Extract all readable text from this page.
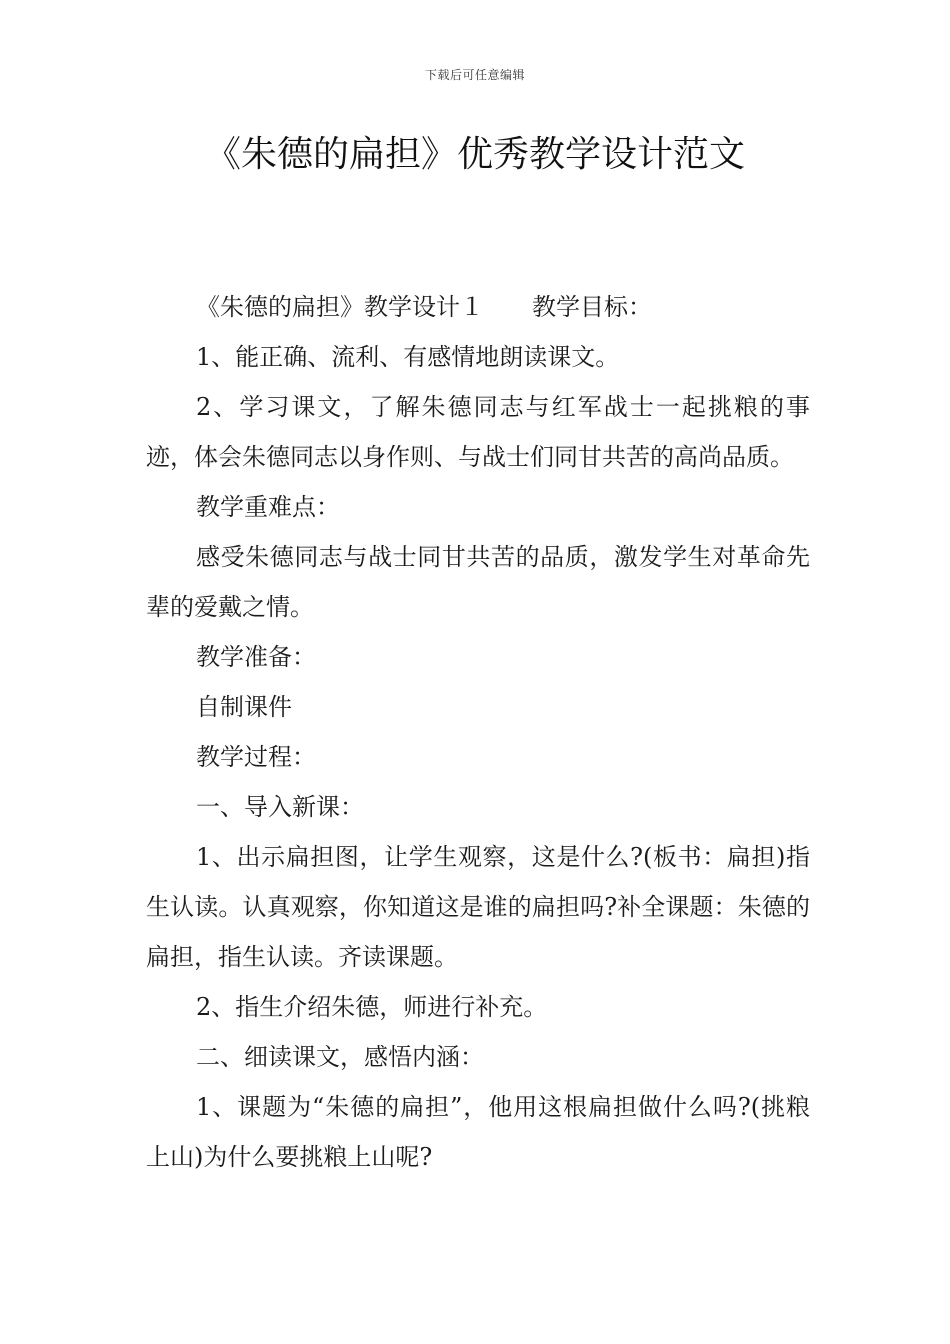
下载后可任意编辑
《朱德的扁担》优秀教学设计范文

《朱德的扁担》教学设计１　　教学目标：

1、能正确、流利、有感情地朗读课文。

2、学习课文，了解朱德同志与红军战士一起挑粮的事迹，体会朱德同志以身作则、与战士们同甘共苦的高尚品质。

教学重难点：

感受朱德同志与战士同甘共苦的品质，激发学生对革命先辈的爱戴之情。

教学准备：

自制课件

教学过程：

一、导入新课：

1、出示扁担图，让学生观察，这是什么?(板书：扁担)指生认读。认真观察，你知道这是谁的扁担吗?补全课题：朱德的扁担，指生认读。齐读课题。

2、指生介绍朱德，师进行补充。

二、细读课文，感悟内涵：

1、课题为“朱德的扁担”，他用这根扁担做什么吗?(挑粮上山)为什么要挑粮上山呢?
